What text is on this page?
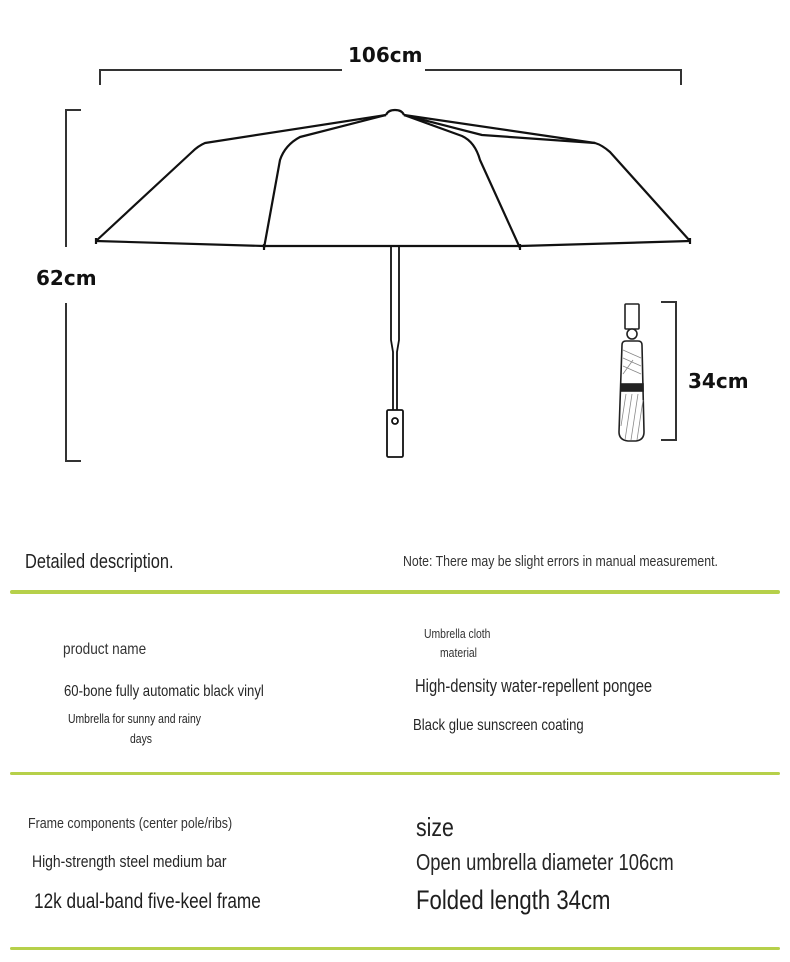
106cm
62cm
34cm
Detailed description.	Note: There may be slight errors in manual measurement.
product name
60-bone fully automatic black vinyl
Umbrella for sunny and rainy
days
Umbrella cloth
material
High-density water-repellent pongee
Black glue sunscreen coating
Frame components (center pole/ribs)
High-strength steel medium bar
12k dual-band five-keel frame
size
Open umbrella diameter 106cm
Folded length 34cm
